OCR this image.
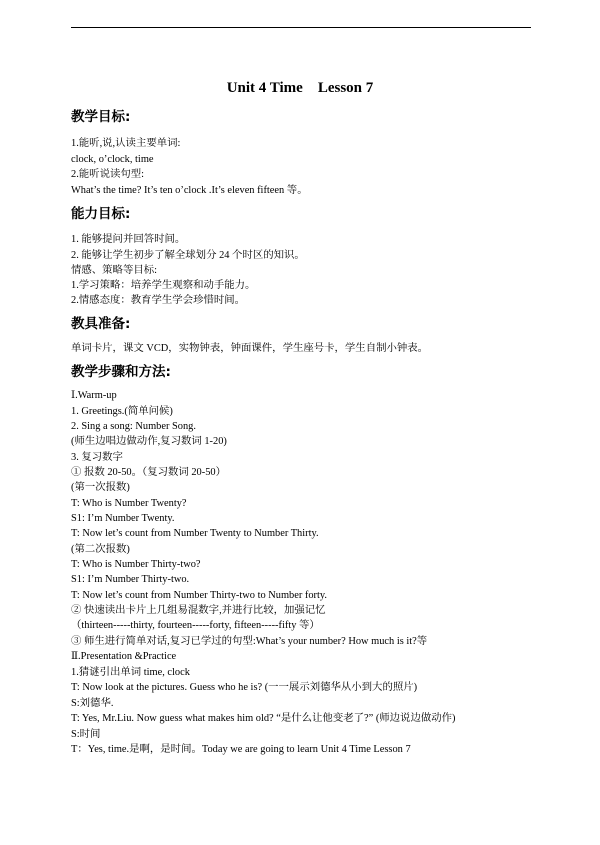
Unit 4 Time    Lesson 7
教学目标:
1.能听,说,认读主要单词:
clock, o’clock, time
2.能听说读句型:
What’s the time? It’s ten o’clock .It’s eleven fifteen 等。
能力目标:
1. 能够提问并回答时间。
2. 能够让学生初步了解全球划分 24 个时区的知识。
情感、策略等目标:
1.学习策略：培养学生观察和动手能力。
2.情感态度：教育学生学会珍惜时间。
教具准备:
单词卡片，课文 VCD，实物钟表，钟面课件，学生座号卡，学生自制小钟表。
教学步骤和方法:
Ⅰ.Warm-up
1. Greetings.(简单问候)
2. Sing a song: Number Song.
(师生边唱边做动作,复习数词 1-20)
3. 复习数字
① 报数 20-50。（复习数词 20-50）
(第一次报数)
T: Who is Number Twenty?
S1: I’m Number Twenty.
T: Now let’s count from Number Twenty to Number Thirty.
(第二次报数)
T: Who is Number Thirty-two?
S1: I’m Number Thirty-two.
T: Now let’s count from Number Thirty-two to Number forty.
② 快速读出卡片上几组易混数字,并进行比较，加强记忆
（thirteen-----thirty, fourteen-----forty, fifteen-----fifty 等）
③ 师生进行简单对话,复习已学过的句型:What’s your number? How much is it?等
Ⅱ.Presentation &Practice
1.猜谜引出单词 time, clock
T: Now look at the pictures. Guess who he is? (一一展示刘德华从小到大的照片)
S:刘德华.
T: Yes, Mr.Liu. Now guess what makes him old? “是什么让他变老了?” (师边说边做动作)
S:时间
T：Yes, time.是啊，是时间。Today we are going to learn Unit 4 Time Lesson 7
